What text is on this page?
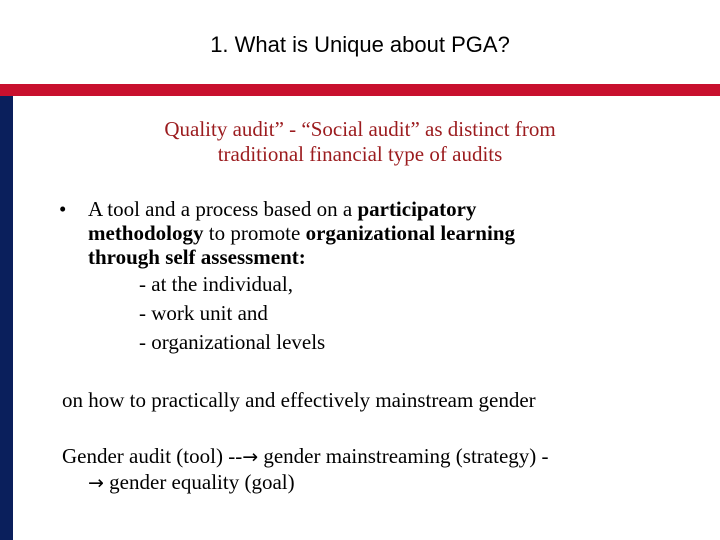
1. What is Unique about PGA?
Quality audit” - “Social audit” as distinct from
traditional financial type of audits
• A tool and a process based on a participatory
methodology to promote organizational learning
through self assessment:
- at the individual,
- work unit and
- organizational levels
on how to practically and effectively mainstream gender
Gender audit (tool) --→ gender mainstreaming (strategy) -
→ gender equality (goal)
